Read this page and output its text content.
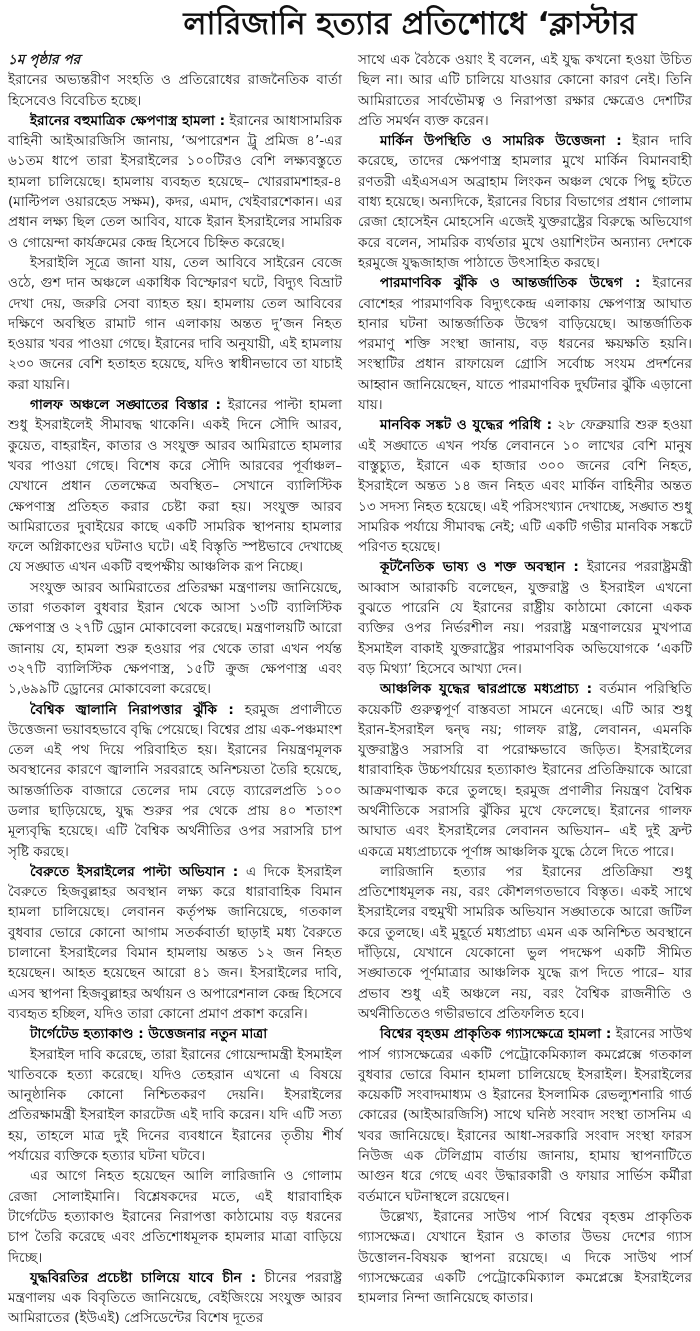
লারিজানি হত্যার প্রতিশোধে ‘ক্লাস্টার

১ম পৃষ্ঠার পর

ইরানের অভ্যন্তরীণ সংহতি ও প্রতিরোধের রাজনৈতিক বার্তা হিসেবেও বিবেচিত হচ্ছে।

ইরানের বহুমাত্রিক ক্ষেপণাস্ত্র হামলা : ইরানের আধাসামরিক বাহিনী আইআরজিসি জানায়, ‘অপারেশন ট্রু প্রমিজ ৪’-এর ৬১তম ধাপে তারা ইসরাইলের ১০০টিরও বেশি লক্ষ্যবস্তুতে হামলা চালিয়েছে। হামলায় ব্যবহৃত হয়েছে– খোররামশাহর-৪ (মাল্টিপল ওয়ারহেড সক্ষম), কদর, এমাদ, খেইবারশেকান। এর প্রধান লক্ষ্য ছিল তেল আবিব, যাকে ইরান ইসরাইলের সামরিক ও গোয়েন্দা কার্যক্রমের কেন্দ্র হিসেবে চিহ্নিত করেছে।

ইসরাইলি সূত্রে জানা যায়, তেল আবিবে সাইরেন বেজে ওঠে, গুশ দান অঞ্চলে একাধিক বিস্ফোরণ ঘটে, বিদ্যুৎ বিভ্রাট দেখা দেয়, জরুরি সেবা ব্যাহত হয়। হামলায় তেল আবিবের দক্ষিণে অবস্থিত রামাট গান এলাকায় অন্তত দু’জন নিহত হওয়ার খবর পাওয়া গেছে। ইরানের দাবি অনুযায়ী, এই হামলায় ২৩০ জনের বেশি হতাহত হয়েছে, যদিও স্বাধীনভাবে তা যাচাই করা যায়নি।

গালফ অঞ্চলে সঙ্ঘাতের বিস্তার : ইরানের পাল্টা হামলা শুধু ইসরাইলেই সীমাবদ্ধ থাকেনি। একই দিনে সৌদি আরব, কুয়েত, বাহরাইন, কাতার ও সংযুক্ত আরব আমিরাতে হামলার খবর পাওয়া গেছে। বিশেষ করে সৌদি আরবের পূর্বাঞ্চল– যেখানে প্রধান তেলক্ষেত্র অবস্থিত– সেখানে ব্যালিস্টিক ক্ষেপণাস্ত্র প্রতিহত করার চেষ্টা করা হয়। সংযুক্ত আরব আমিরাতের দুবাইয়ের কাছে একটি সামরিক স্থাপনায় হামলার ফলে অগ্নিকাণ্ডের ঘটনাও ঘটে। এই বিস্তৃতি স্পষ্টভাবে দেখাচ্ছে যে সঙ্ঘাত এখন একটি বহুপক্ষীয় আঞ্চলিক রূপ নিচ্ছে।

সংযুক্ত আরব আমিরাতের প্রতিরক্ষা মন্ত্রণালয় জানিয়েছে, তারা গতকাল বুধবার ইরান থেকে আসা ১৩টি ব্যালিস্টিক ক্ষেপণাস্ত্র ও ২৭টি ড্রোন মোকাবেলা করেছে। মন্ত্রণালয়টি আরো জানায় যে, হামলা শুরু হওয়ার পর থেকে তারা এখন পর্যন্ত ৩২৭টি ব্যালিস্টিক ক্ষেপণাস্ত্র, ১৫টি ক্রুজ ক্ষেপণাস্ত্র এবং ১,৬৯৯টি ড্রোনের মোকাবেলা করেছে।

বৈশ্বিক জ্বালানি নিরাপত্তার ঝুঁকি : হরমুজ প্রণালীতে উত্তেজনা ভয়াবহভাবে বৃদ্ধি পেয়েছে। বিশ্বের প্রায় এক-পঞ্চমাংশ তেল এই পথ দিয়ে পরিবাহিত হয়। ইরানের নিয়ন্ত্রণমূলক অবস্থানের কারণে জ্বালানি সরবরাহে অনিশ্চয়তা তৈরি হয়েছে, আন্তর্জাতিক বাজারে তেলের দাম বেড়ে ব্যারেলপ্রতি ১০০ ডলার ছাড়িয়েছে, যুদ্ধ শুরুর পর থেকে প্রায় ৪০ শতাংশ মূল্যবৃদ্ধি হয়েছে। এটি বৈশ্বিক অর্থনীতির ওপর সরাসরি চাপ সৃষ্টি করছে।

বৈরুতে ইসরাইলের পাল্টা অভিযান : এ দিকে ইসরাইল বৈরুতে হিজবুল্লাহর অবস্থান লক্ষ্য করে ধারাবাহিক বিমান হামলা চালিয়েছে। লেবানন কর্তৃপক্ষ জানিয়েছে, গতকাল বুধবার ভোরে কোনো আগাম সতর্কবার্তা ছাড়াই মধ্য বৈরুতে চালানো ইসরাইলের বিমান হামলায় অন্তত ১২ জন নিহত হয়েছেন। আহত হয়েছেন আরো ৪১ জন। ইসরাইলের দাবি, এসব স্থাপনা হিজবুল্লাহর অর্থায়ন ও অপারেশনাল কেন্দ্র হিসেবে ব্যবহৃত হচ্ছিল, যদিও তারা কোনো প্রমাণ প্রকাশ করেনি।

টার্গেটেড হত্যাকাণ্ড : উত্তেজনার নতুন মাত্রা

ইসরাইল দাবি করেছে, তারা ইরানের গোয়েন্দামন্ত্রী ইসমাইল খাতিবকে হত্যা করেছে। যদিও তেহরান এখনো এ বিষয়ে আনুষ্ঠানিক কোনো নিশ্চিতকরণ দেয়নি। ইসরাইলের প্রতিরক্ষামন্ত্রী ইসরাইল কারটেজ এই দাবি করেন। যদি এটি সত্য হয়, তাহলে মাত্র দুই দিনের ব্যবধানে ইরানের তৃতীয় শীর্ষ পর্যায়ের ব্যক্তিকে হত্যার ঘটনা ঘটবে।

এর আগে নিহত হয়েছেন আলি লারিজানি ও গোলাম রেজা সোলাইমানি। বিশ্লেষকদের মতে, এই ধারাবাহিক টার্গেটেড হত্যাকাণ্ড ইরানের নিরাপত্তা কাঠামোয় বড় ধরনের চাপ তৈরি করেছে এবং প্রতিশোধমূলক হামলার মাত্রা বাড়িয়ে দিচ্ছে।

যুদ্ধবিরতির প্রচেষ্টা চালিয়ে যাবে চীন : চীনের পররাষ্ট্র মন্ত্রণালয় এক বিবৃতিতে জানিয়েছে, বেইজিংয়ে সংযুক্ত আরব আমিরাতের (ইউএই) প্রেসিডেন্টের বিশেষ দূতের

সাথে এক বৈঠকে ওয়াং ই বলেন, এই যুদ্ধ কখনো হওয়া উচিত ছিল না। আর এটি চালিয়ে যাওয়ার কোনো কারণ নেই। তিনি আমিরাতের সার্বভৌমত্ব ও নিরাপত্তা রক্ষার ক্ষেত্রেও দেশটির প্রতি সমর্থন ব্যক্ত করেন।

মার্কিন উপস্থিতি ও সামরিক উত্তেজনা : ইরান দাবি করেছে, তাদের ক্ষেপণাস্ত্র হামলার মুখে মার্কিন বিমানবাহী রণতরী এইএসএস অব্রাহাম লিংকন অঞ্চল থেকে পিছু হটতে বাধ্য হয়েছে। অন্যদিকে, ইরানের বিচার বিভাগের প্রধান গোলাম রেজা হোসেইন মোহসেনি এজেই যুক্তরাষ্ট্রের বিরুদ্ধে অভিযোগ করে বলেন, সামরিক ব্যর্থতার মুখে ওয়াশিংটন অন্যান্য দেশকে হরমুজে যুদ্ধজাহাজ পাঠাতে উৎসাহিত করছে।

পারমাণবিক ঝুঁকি ও আন্তর্জাতিক উদ্বেগ : ইরানের বোশেহর পারমাণবিক বিদ্যুৎকেন্দ্র এলাকায় ক্ষেপণাস্ত্র আঘাত হানার ঘটনা আন্তর্জাতিক উদ্বেগ বাড়িয়েছে। আন্তর্জাতিক পরমাণু শক্তি সংস্থা জানায়, বড় ধরনের ক্ষয়ক্ষতি হয়নি। সংস্থাটির প্রধান রাফায়েল গ্রোসি সর্বোচ্চ সংযম প্রদর্শনের আহ্বান জানিয়েছেন, যাতে পারমাণবিক দুর্ঘটনার ঝুঁকি এড়ানো যায়।

মানবিক সঙ্কট ও যুদ্ধের পরিধি : ২৮ ফেব্রুয়ারি শুরু হওয়া এই সঙ্ঘাতে এখন পর্যন্ত লেবাননে ১০ লাখের বেশি মানুষ বাস্তুচ্যুত, ইরানে এক হাজার ৩০০ জনের বেশি নিহত, ইসরাইলে অন্তত ১৪ জন নিহত এবং মার্কিন বাহিনীর অন্তত ১৩ সদস্য নিহত হয়েছে। এই পরিসংখ্যান দেখাচ্ছে, সঙ্ঘাত শুধু সামরিক পর্যায়ে সীমাবদ্ধ নেই; এটি একটি গভীর মানবিক সঙ্কটে পরিণত হয়েছে।

কূটনৈতিক ভাষ্য ও শক্ত অবস্থান : ইরানের পররাষ্ট্রমন্ত্রী আব্বাস আরাকচি বলেছেন, যুক্তরাষ্ট্র ও ইসরাইল এখনো বুঝতে পারেনি যে ইরানের রাষ্ট্রীয় কাঠামো কোনো একক ব্যক্তির ওপর নির্ভরশীল নয়। পররাষ্ট্র মন্ত্রণালয়ের মুখপাত্র ইসমাইল বাকাই যুক্তরাষ্ট্রের পারমাণবিক অভিযোগকে ‘একটি বড় মিথ্যা’ হিসেবে আখ্যা দেন।

আঞ্চলিক যুদ্ধের দ্বারপ্রান্তে মধ্যপ্রাচ্য : বর্তমান পরিস্থিতি কয়েকটি গুরুত্বপূর্ণ বাস্তবতা সামনে এনেছে। এটি আর শুধু ইরান-ইসরাইল দ্বন্দ্ব নয়; গালফ রাষ্ট্র, লেবানন, এমনকি যুক্তরাষ্ট্রও সরাসরি বা পরোক্ষভাবে জড়িত। ইসরাইলের ধারাবাহিক উচ্চপর্যায়ের হত্যাকাণ্ড ইরানের প্রতিক্রিয়াকে আরো আক্রমণাত্মক করে তুলছে। হরমুজ প্রণালীর নিয়ন্ত্রণ বৈশ্বিক অর্থনীতিকে সরাসরি ঝুঁকির মুখে ফেলেছে। ইরানের গালফ আঘাত এবং ইসরাইলের লেবানন অভিযান– এই দুই ফ্রন্ট একত্রে মধ্যপ্রাচ্যকে পূর্ণাঙ্গ আঞ্চলিক যুদ্ধে ঠেলে দিতে পারে।

লারিজানি হত্যার পর ইরানের প্রতিক্রিয়া শুধু প্রতিশোধমূলক নয়, বরং কৌশলগতভাবে বিস্তৃত। একই সাথে ইসরাইলের বহুমুখী সামরিক অভিযান সঙ্ঘাতকে আরো জটিল করে তুলছে। এই মুহূর্তে মধ্যপ্রাচ্য এমন এক অনিশ্চিত অবস্থানে দাঁড়িয়ে, যেখানে যেকোনো ভুল পদক্ষেপ একটি সীমিত সঙ্ঘাতকে পূর্ণমাত্রার আঞ্চলিক যুদ্ধে রূপ দিতে পারে– যার প্রভাব শুধু এই অঞ্চলে নয়, বরং বৈশ্বিক রাজনীতি ও অর্থনীতিতেও গভীরভাবে প্রতিফলিত হবে।

বিশ্বের বৃহত্তম প্রাকৃতিক গ্যাসক্ষেত্রে হামলা : ইরানের সাউথ পার্স গ্যাসক্ষেত্রের একটি পেট্রোকেমিক্যাল কমপ্লেক্সে গতকাল বুধবার ভোরে বিমান হামলা চালিয়েছে ইসরাইল। ইসরাইলের কয়েকটি সংবাদমাধ্যম ও ইরানের ইসলামিক রেভল্যুশনারি গার্ড কোরের (আইআরজিসি) সাথে ঘনিষ্ঠ সংবাদ সংস্থা তাসনিম এ খবর জানিয়েছে। ইরানের আধা-সরকারি সংবাদ সংস্থা ফারস নিউজ এক টেলিগ্রাম বার্তায় জানায়, হামায় স্থাপনাটিতে আগুন ধরে গেছে এবং উদ্ধারকারী ও ফায়ার সার্ভিস কর্মীরা বর্তমানে ঘটনাস্থলে রয়েছেন।

উল্লেখ্য, ইরানের সাউথ পার্স বিশ্বের বৃহত্তম প্রাকৃতিক গ্যাসক্ষেত্র। যেখানে ইরান ও কাতার উভয় দেশের গ্যাস উত্তোলন-বিষয়ক স্থাপনা রয়েছে। এ দিকে সাউথ পার্স গ্যাসক্ষেত্রের একটি পেট্রোকেমিক্যাল কমপ্লেক্সে ইসরাইলের হামলার নিন্দা জানিয়েছে কাতার।
